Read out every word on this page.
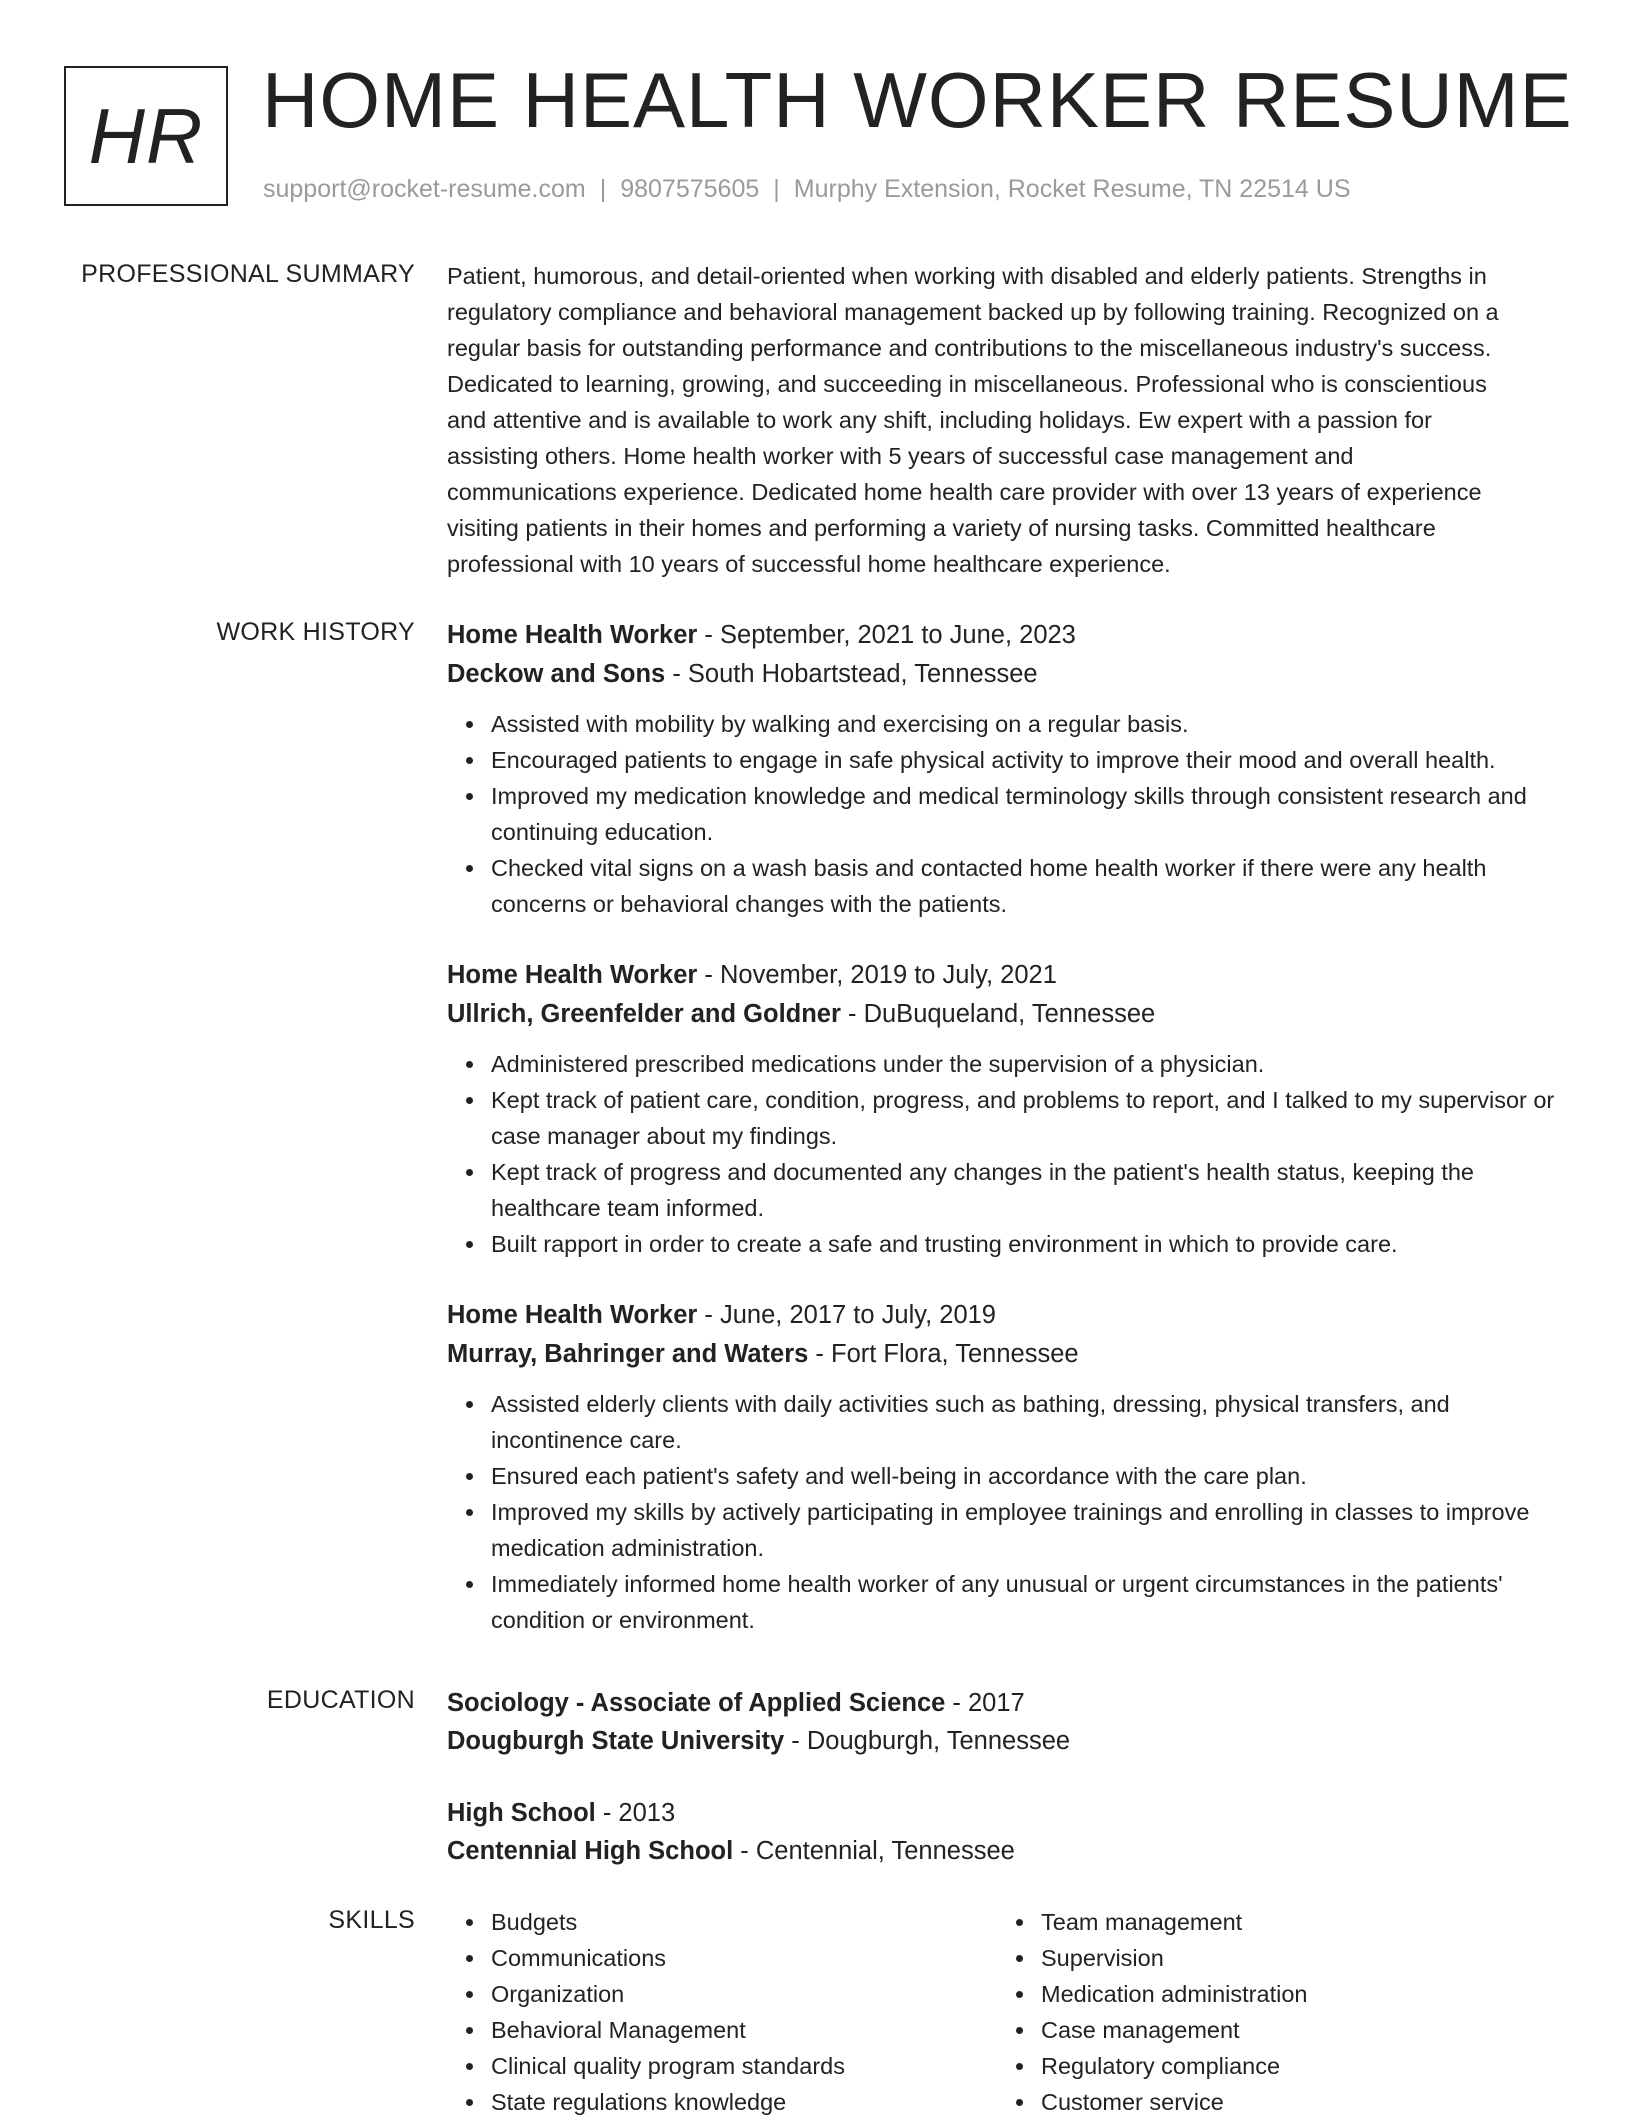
HR HOME HEALTH WORKER RESUME
support@rocket-resume.com | 9807575605 | Murphy Extension, Rocket Resume, TN 22514 US
PROFESSIONAL SUMMARY Patient, humorous, and detail-oriented when working with disabled and elderly patients. Strengths in

regulatory compliance and behavioral management backed up by following training. Recognized on a

regular basis for outstanding performance and contributions to the miscellaneous industry's success.

Dedicated to learning, growing, and succeeding in miscellaneous. Professional who is conscientious

and attentive and is available to work any shift, including holidays. Ew expert with a passion for

assisting others. Home health worker with 5 years of successful case management and

communications experience. Dedicated home health care provider with over 13 years of experience

visiting patients in their homes and performing a variety of nursing tasks. Committed healthcare

professional with 10 years of successful home healthcare experience.

WORK HISTORY Home Health Worker - September, 2021 to June, 2023
Deckow and Sons - South Hobartstead, Tennessee
Assisted with mobility by walking and exercising on a regular basis.
Encouraged patients to engage in safe physical activity to improve their mood and overall health.
Improved my medication knowledge and medical terminology skills through consistent research and continuing education.
Checked vital signs on a wash basis and contacted home health worker if there were any health concerns or behavioral changes with the patients.
Home Health Worker - November, 2019 to July, 2021
Ullrich, Greenfelder and Goldner - DuBuqueland, Tennessee
Administered prescribed medications under the supervision of a physician.
Kept track of patient care, condition, progress, and problems to report, and I talked to my supervisor or case manager about my findings.
Kept track of progress and documented any changes in the patient's health status, keeping the healthcare team informed.
Built rapport in order to create a safe and trusting environment in which to provide care.
Home Health Worker - June, 2017 to July, 2019
Murray, Bahringer and Waters - Fort Flora, Tennessee
Assisted elderly clients with daily activities such as bathing, dressing, physical transfers, and incontinence care.
Ensured each patient's safety and well-being in accordance with the care plan.
Improved my skills by actively participating in employee trainings and enrolling in classes to improve medication administration.
Immediately informed home health worker of any unusual or urgent circumstances in the patients' condition or environment.
EDUCATION Sociology - Associate of Applied Science - 2017
Dougburgh State University - Dougburgh, Tennessee
High School - 2013
Centennial High School - Centennial, Tennessee
SKILLS	Budgets
Communications
Organization
Behavioral Management
Clinical quality program standards
State regulations knowledge
Team management
Supervision
Medication administration
Case management
Regulatory compliance
Customer service
